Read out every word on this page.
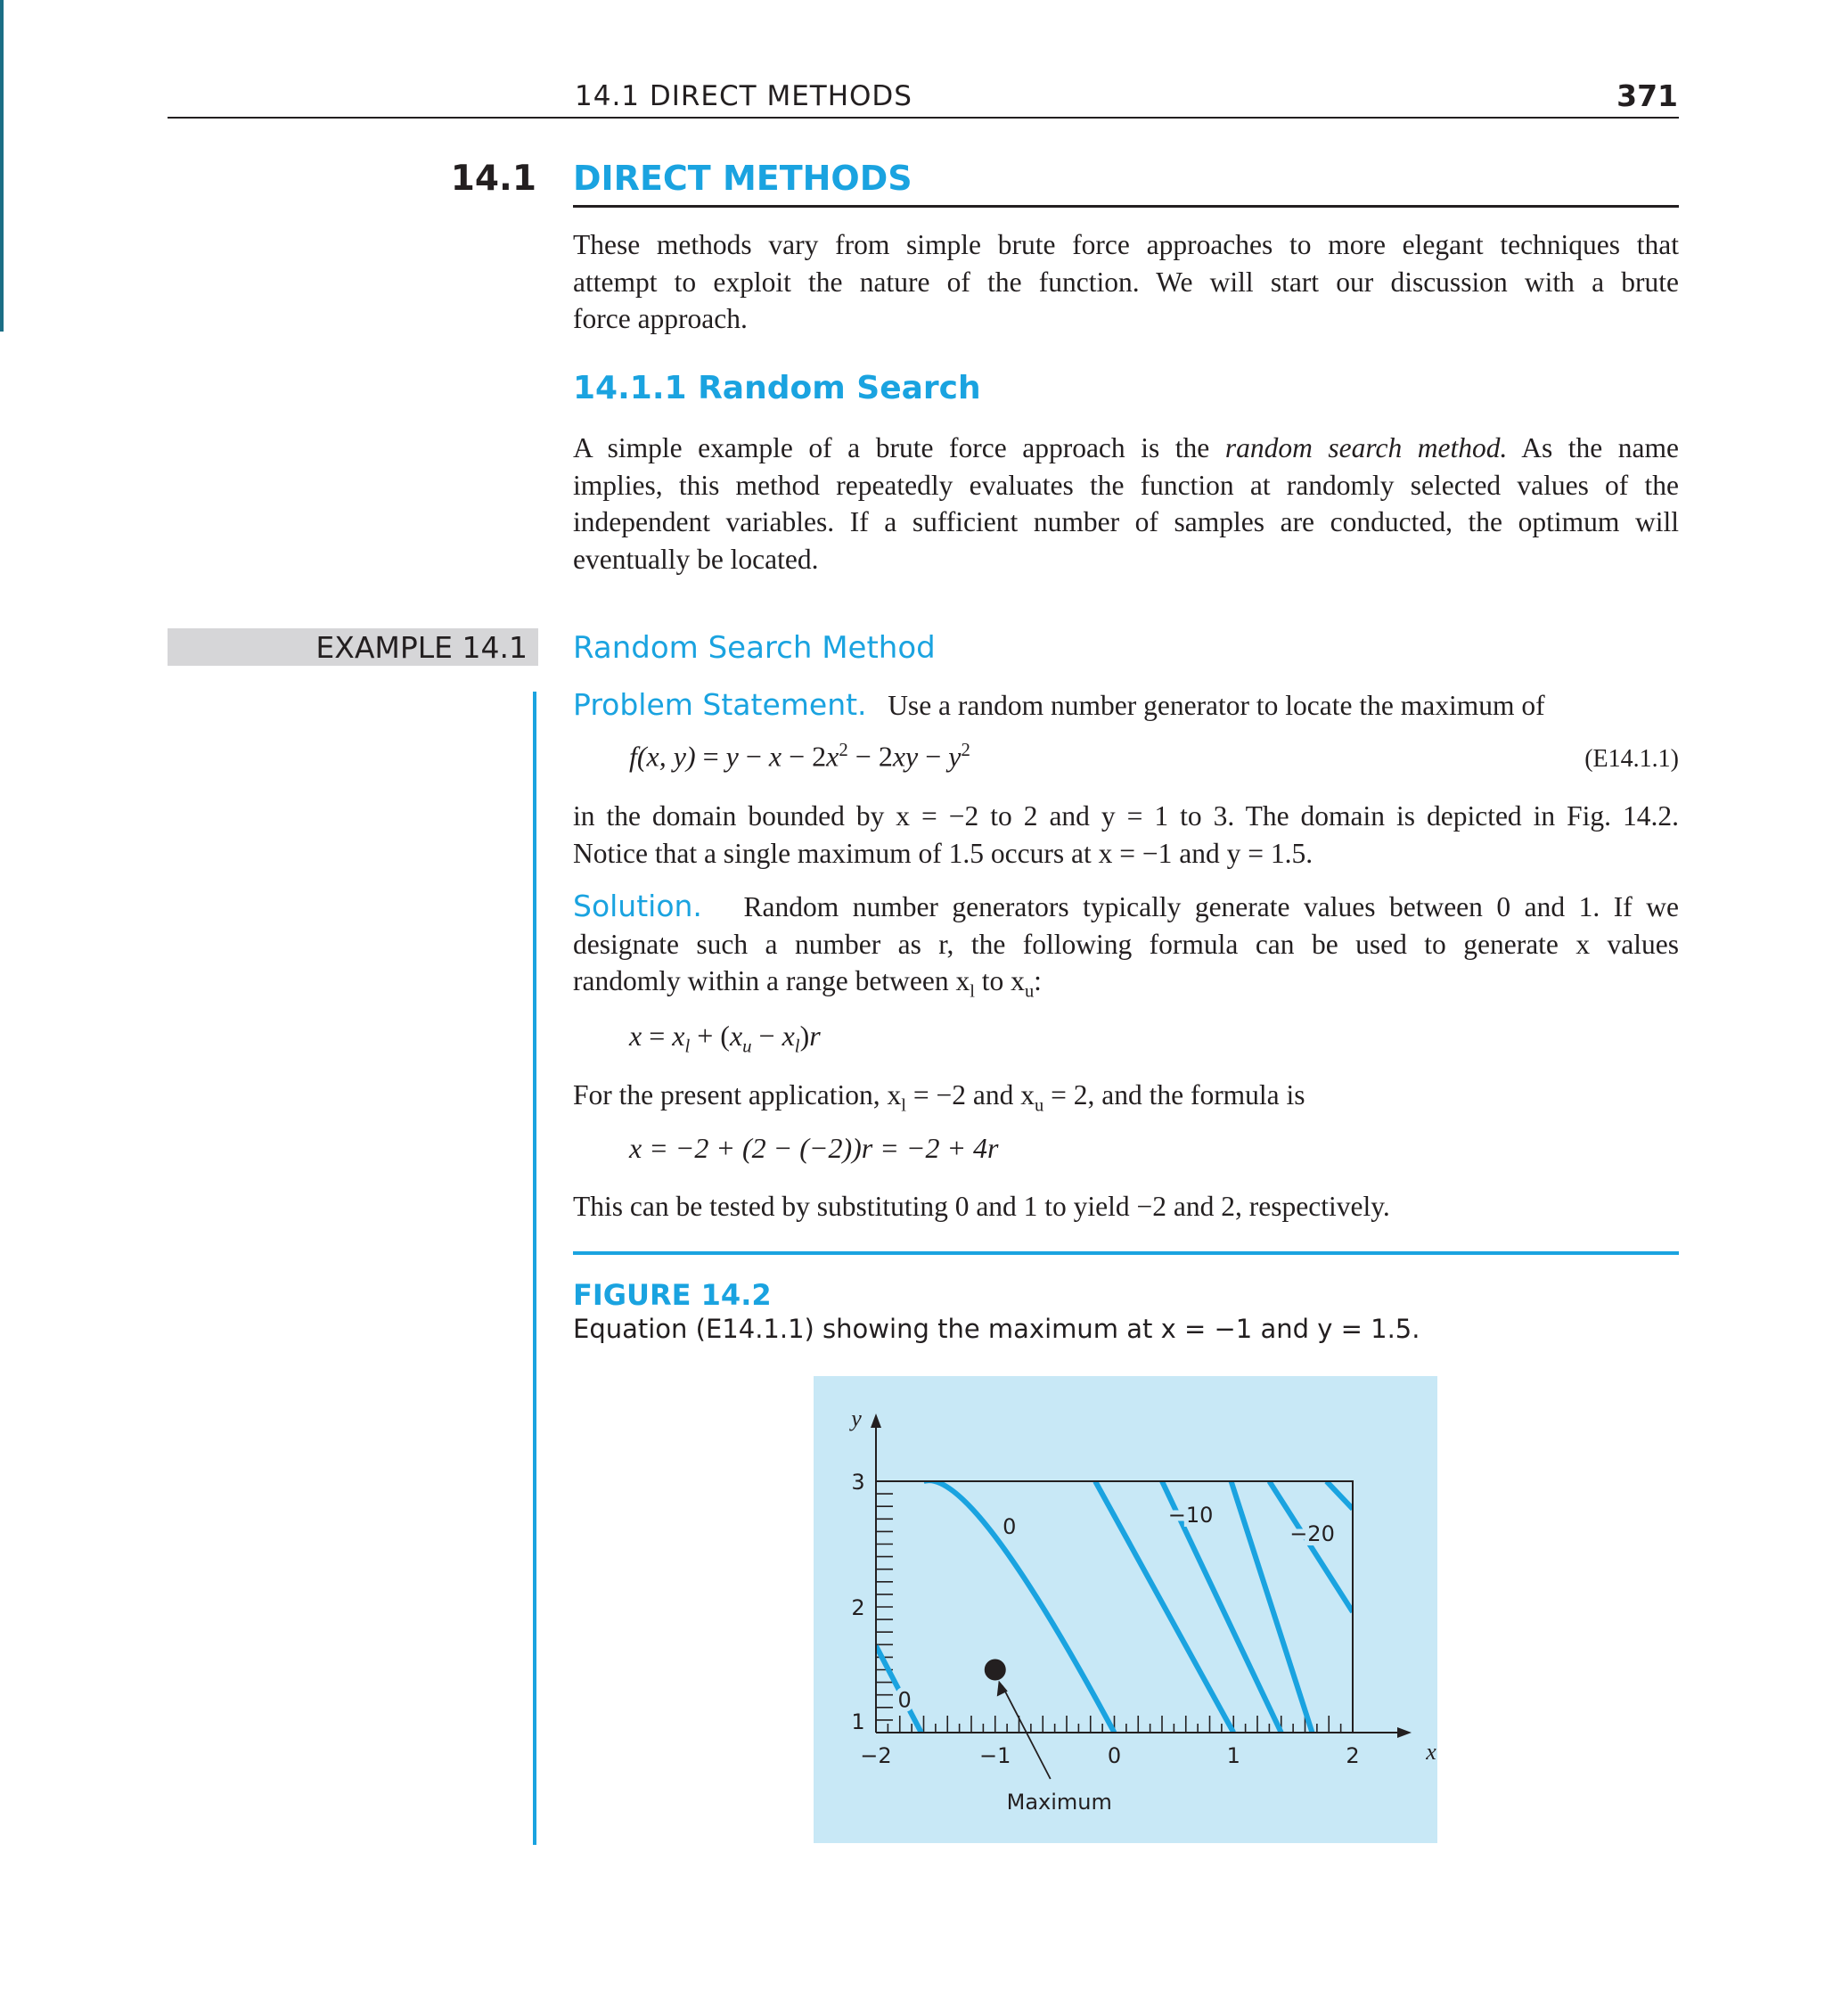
14.1 DIRECT METHODS	371
14.1 DIRECT METHODS
These methods vary from simple brute force approaches to more elegant techniques that
attempt to exploit the nature of the function. We will start our discussion with a brute
force approach.
14.1.1 Random Search
A simple example of a brute force approach is the random search method. As the name
implies, this method repeatedly evaluates the function at randomly selected values of the
independent variables. If a sufficient number of samples are conducted, the optimum will
eventually be located.
EXAMPLE 14.1 Random Search Method
Problem Statement. Use a random number generator to locate the maximum of
f(x, $y) = y - x - 2x^2 - 2xy - y^2$	(E14.1.1)
in the domain bounded by x = −2 to 2 and y = 1 to 3. The domain is depicted in Fig. 14.2.
Notice that a single maximum of 1.5 occurs at x = −1 and y = 1.5.
Solution. Random number generators typically generate values between 0 and 1. If we
designate such a number as r, the following formula can be used to generate x values
randomly within a range between $x_l$ to $x_u$:
$x = x_l + (x_u - x_l)r$
For the present application, $x_l = -2$ and $x_u = 2$, and the formula is
x = −2 + (2 − (−2))r = −2 + 4r
This can be tested by substituting 0 and 1 to yield −2 and 2, respectively.
FIGURE 14.2
Equation (E14.1.1) showing the maximum at x = −1 and y = 1.5.
−2	−1	0	1	2
1
2
3
x
y
0
0	−10
−20
Maximum
